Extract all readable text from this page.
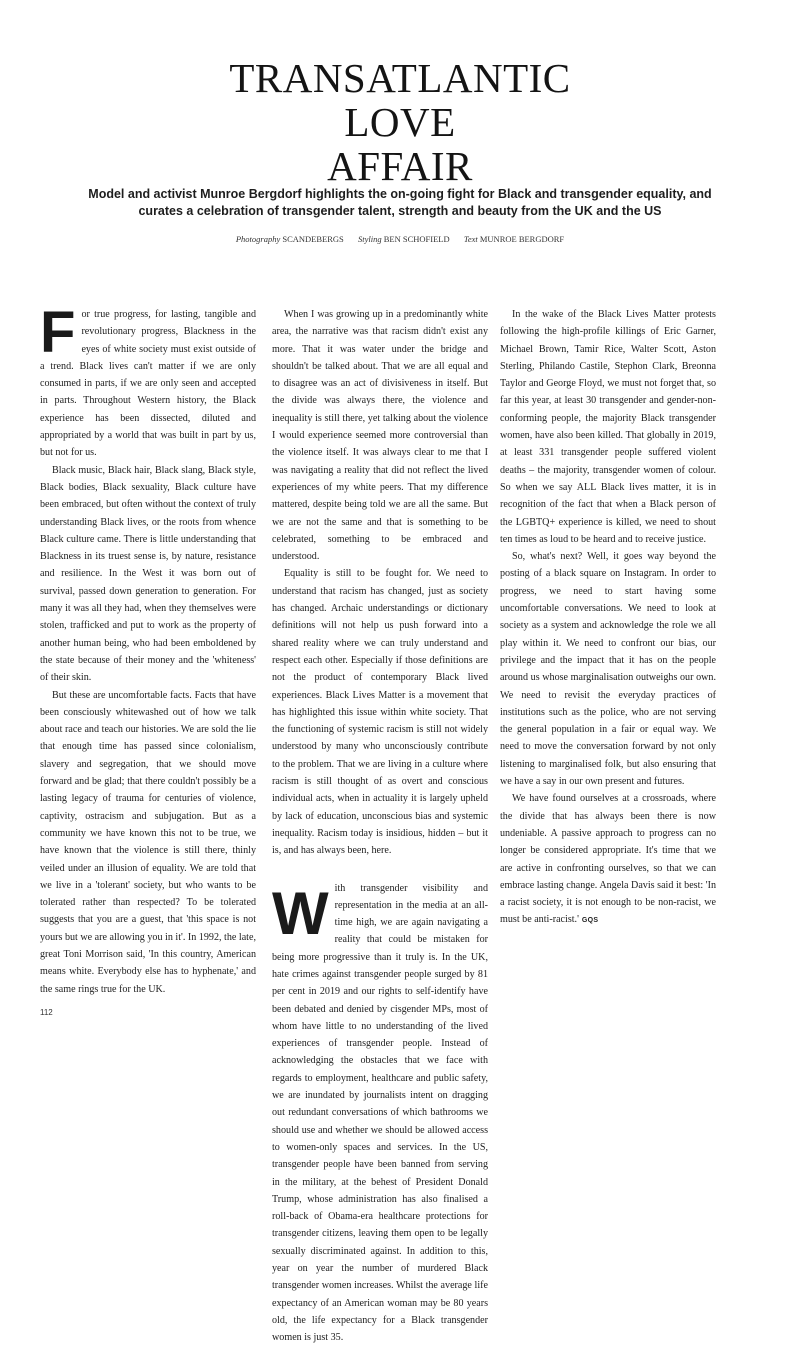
TRANSATLANTIC
LOVE
AFFAIR
Model and activist Munroe Bergdorf highlights the on-going fight for Black and transgender equality, and curates a celebration of transgender talent, strength and beauty from the UK and the US
Photography SCANDEBERGS Styling BEN SCHOFIELD Text MUNROE BERGDORF

For true progress, for lasting, tangible and revolutionary progress, Blackness in the eyes of white society must exist outside of a trend. Black lives can't matter if we are only consumed in parts, if we are only seen and accepted in parts. Throughout Western history, the Black experience has been dissected, diluted and appropriated by a world that was built in part by us, but not for us.

Black music, Black hair, Black slang, Black style, Black bodies, Black sexuality, Black culture have been embraced, but often without the context of truly understanding Black lives, or the roots from whence Black culture came. There is little understanding that Blackness in its truest sense is, by nature, resistance and resilience. In the West it was born out of survival, passed down generation to generation. For many it was all they had, when they themselves were stolen, trafficked and put to work as the property of another human being, who had been emboldened by the state because of their money and the 'whiteness' of their skin.

But these are uncomfortable facts. Facts that have been consciously whitewashed out of how we talk about race and teach our histories. We are sold the lie that enough time has passed since colonialism, slavery and segregation, that we should move forward and be glad; that there couldn't possibly be a lasting legacy of trauma for centuries of violence, captivity, ostracism and subjugation. But as a community we have known this not to be true, we have known that the violence is still there, thinly veiled under an illusion of equality. We are told that we live in a 'tolerant' society, but who wants to be tolerated rather than respected? To be tolerated suggests that you are a guest, that 'this space is not yours but we are allowing you in it'. In 1992, the late, great Toni Morrison said, 'In this country, American means white. Everybody else has to hyphenate,' and the same rings true for the UK.

When I was growing up in a predominantly white area, the narrative was that racism didn't exist any more. That it was water under the bridge and shouldn't be talked about. That we are all equal and to disagree was an act of divisiveness in itself. But the divide was always there, the violence and inequality is still there, yet talking about the violence I would experience seemed more controversial than the violence itself. It was always clear to me that I was navigating a reality that did not reflect the lived experiences of my white peers. That my difference mattered, despite being told we are all the same. But we are not the same and that is something to be celebrated, something to be embraced and understood.

Equality is still to be fought for. We need to understand that racism has changed, just as society has changed. Archaic understandings or dictionary definitions will not help us push forward into a shared reality where we can truly understand and respect each other. Especially if those definitions are not the product of contemporary Black lived experiences. Black Lives Matter is a movement that has highlighted this issue within white society. That the functioning of systemic racism is still not widely understood by many who unconsciously contribute to the problem. That we are living in a culture where racism is still thought of as overt and conscious individual acts, when in actuality it is largely upheld by lack of education, unconscious bias and systemic inequality. Racism today is insidious, hidden – but it is, and has always been, here.

With transgender visibility and representation in the media at an all-time high, we are again navigating a reality that could be mistaken for being more progressive than it truly is. In the UK, hate crimes against transgender people surged by 81 per cent in 2019 and our rights to self-identify have been debated and denied by cisgender MPs, most of whom have little to no understanding of the lived experiences of transgender people. Instead of acknowledging the obstacles that we face with regards to employment, healthcare and public safety, we are inundated by journalists intent on dragging out redundant conversations of which bathrooms we should use and whether we should be allowed access to women-only spaces and services. In the US, transgender people have been banned from serving in the military, at the behest of President Donald Trump, whose administration has also finalised a roll-back of Obama-era healthcare protections for transgender citizens, leaving them open to be legally sexually discriminated against. In addition to this, year on year the number of murdered Black transgender women increases. Whilst the average life expectancy of an American woman may be 80 years old, the life expectancy for a Black transgender women is just 35.

In the wake of the Black Lives Matter protests following the high-profile killings of Eric Garner, Michael Brown, Tamir Rice, Walter Scott, Aston Sterling, Philando Castile, Stephon Clark, Breonna Taylor and George Floyd, we must not forget that, so far this year, at least 30 transgender and gender-non-conforming people, the majority Black transgender women, have also been killed. That globally in 2019, at least 331 transgender people suffered violent deaths – the majority, transgender women of colour. So when we say ALL Black lives matter, it is in recognition of the fact that when a Black person of the LGBTQ+ experience is killed, we need to shout ten times as loud to be heard and to receive justice.

So, what's next? Well, it goes way beyond the posting of a black square on Instagram. In order to progress, we need to start having some uncomfortable conversations. We need to look at society as a system and acknowledge the role we all play within it. We need to confront our bias, our privilege and the impact that it has on the people around us whose marginalisation outweighs our own. We need to revisit the everyday practices of institutions such as the police, who are not serving the general population in a fair or equal way. We need to move the conversation forward by not only listening to marginalised folk, but also ensuring that we have a say in our own present and futures.

We have found ourselves at a crossroads, where the divide that has always been there is now undeniable. A passive approach to progress can no longer be considered appropriate. It's time that we are active in confronting ourselves, so that we can embrace lasting change. Angela Davis said it best: 'In a racist society, it is not enough to be non-racist, we must be anti-racist.' GQS

112
